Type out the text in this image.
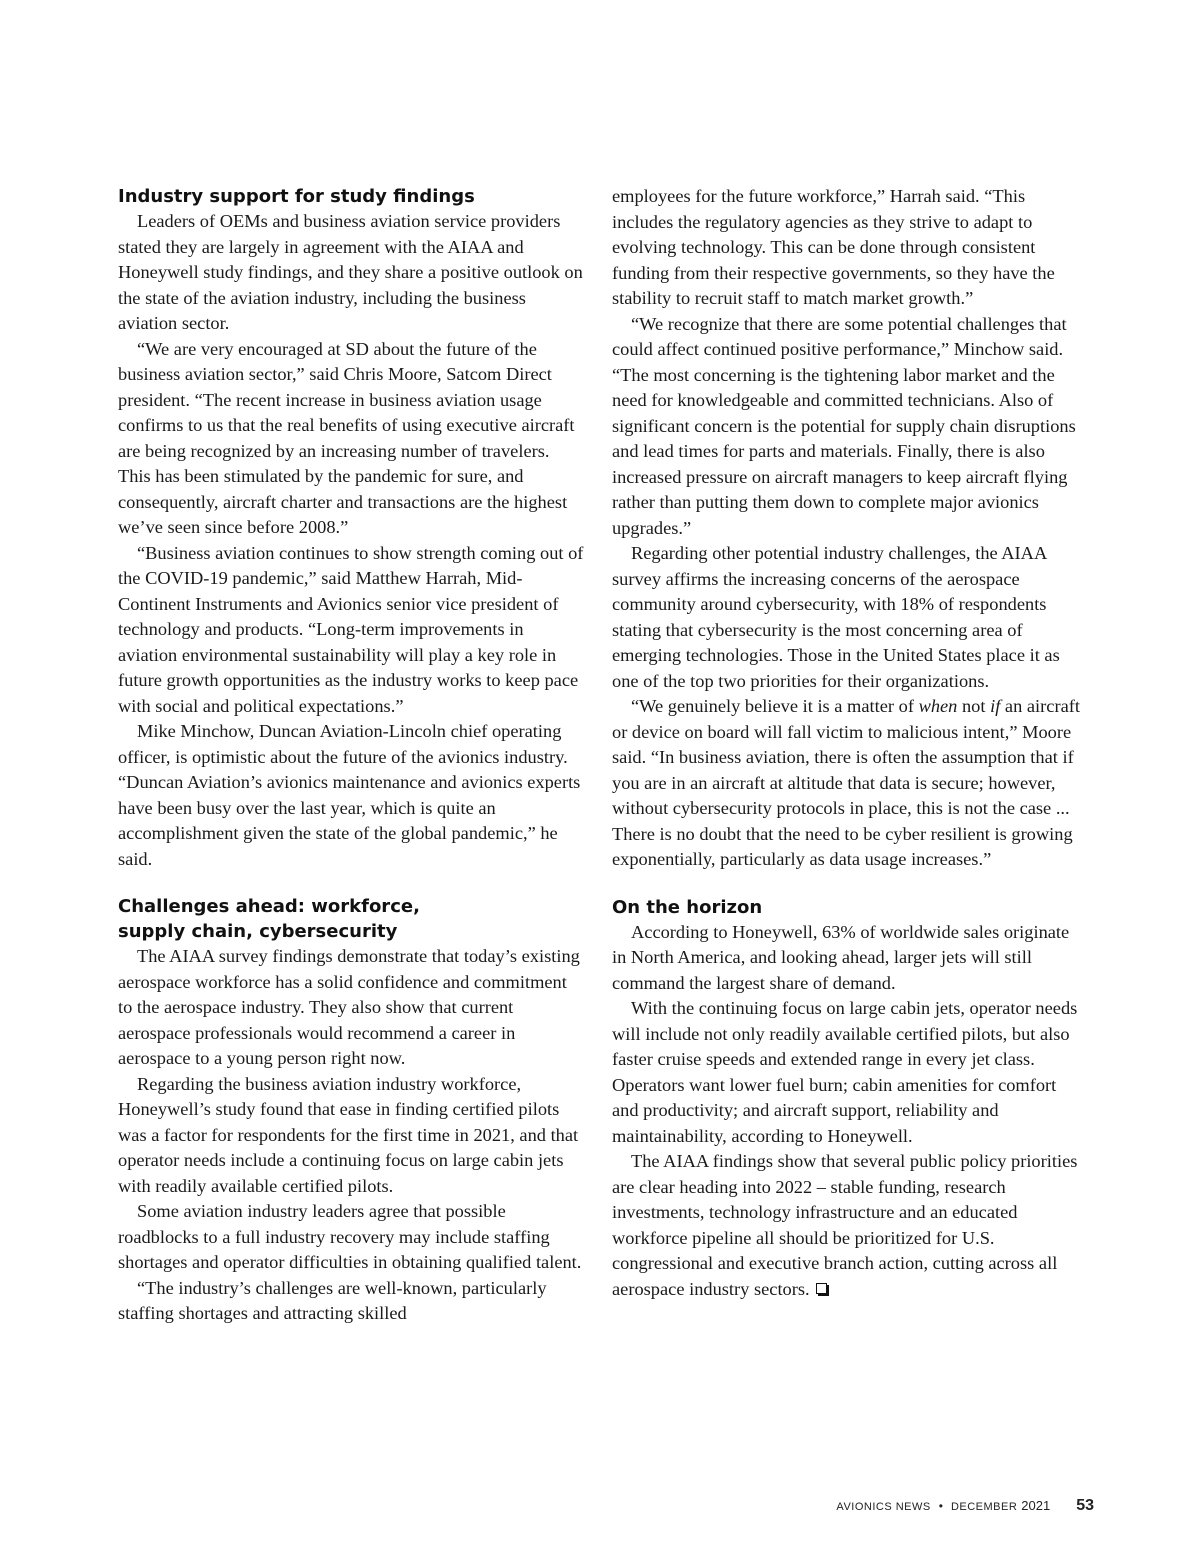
Industry support for study findings

Leaders of OEMs and business aviation service providers stated they are largely in agreement with the AIAA and Honeywell study findings, and they share a positive outlook on the state of the aviation industry, including the business aviation sector.

“We are very encouraged at SD about the future of the business aviation sector,” said Chris Moore, Satcom Direct president. “The recent increase in business aviation usage confirms to us that the real benefits of using executive aircraft are being recognized by an increasing number of travelers. This has been stimulated by the pandemic for sure, and consequently, aircraft charter and transactions are the highest we’ve seen since before 2008.”

“Business aviation continues to show strength coming out of the COVID-19 pandemic,” said Matthew Harrah, Mid-Continent Instruments and Avionics senior vice president of technology and products. “Long-term improvements in aviation environmental sustainability will play a key role in future growth opportunities as the industry works to keep pace with social and political expectations.”

Mike Minchow, Duncan Aviation-Lincoln chief operating officer, is optimistic about the future of the avionics industry. “Duncan Aviation’s avionics maintenance and avionics experts have been busy over the last year, which is quite an accomplishment given the state of the global pandemic,” he said.

Challenges ahead: workforce,
supply chain, cybersecurity

The AIAA survey findings demonstrate that today’s existing aerospace workforce has a solid confidence and commitment to the aerospace industry. They also show that current aerospace professionals would recommend a career in aerospace to a young person right now.

Regarding the business aviation industry workforce, Honeywell’s study found that ease in finding certified pilots was a factor for respondents for the first time in 2021, and that operator needs include a continuing focus on large cabin jets with readily available certified pilots.

Some aviation industry leaders agree that possible roadblocks to a full industry recovery may include staffing shortages and operator difficulties in obtaining qualified talent.

“The industry’s challenges are well-known, particularly staffing shortages and attracting skilled

employees for the future workforce,” Harrah said. “This includes the regulatory agencies as they strive to adapt to evolving technology. This can be done through consistent funding from their respective governments, so they have the stability to recruit staff to match market growth.”

“We recognize that there are some potential challenges that could affect continued positive performance,” Minchow said. “The most concerning is the tightening labor market and the need for knowledgeable and committed technicians. Also of significant concern is the potential for supply chain disruptions and lead times for parts and materials. Finally, there is also increased pressure on aircraft managers to keep aircraft flying rather than putting them down to complete major avionics upgrades.”

Regarding other potential industry challenges, the AIAA survey affirms the increasing concerns of the aerospace community around cybersecurity, with 18% of respondents stating that cybersecurity is the most concerning area of emerging technologies. Those in the United States place it as one of the top two priorities for their organizations.

“We genuinely believe it is a matter of when not if an aircraft or device on board will fall victim to malicious intent,” Moore said. “In business aviation, there is often the assumption that if you are in an aircraft at altitude that data is secure; however, without cybersecurity protocols in place, this is not the case ... There is no doubt that the need to be cyber resilient is growing exponentially, particularly as data usage increases.”

On the horizon

According to Honeywell, 63% of worldwide sales originate in North America, and looking ahead, larger jets will still command the largest share of demand.

With the continuing focus on large cabin jets, operator needs will include not only readily available certified pilots, but also faster cruise speeds and extended range in every jet class. Operators want lower fuel burn; cabin amenities for comfort and productivity; and aircraft support, reliability and maintainability, according to Honeywell.

The AIAA findings show that several public policy priorities are clear heading into 2022 – stable funding, research investments, technology infrastructure and an educated workforce pipeline all should be prioritized for U.S. congressional and executive branch action, cutting across all aerospace industry sectors.

AVIONICS NEWS • DECEMBER 2021 53
